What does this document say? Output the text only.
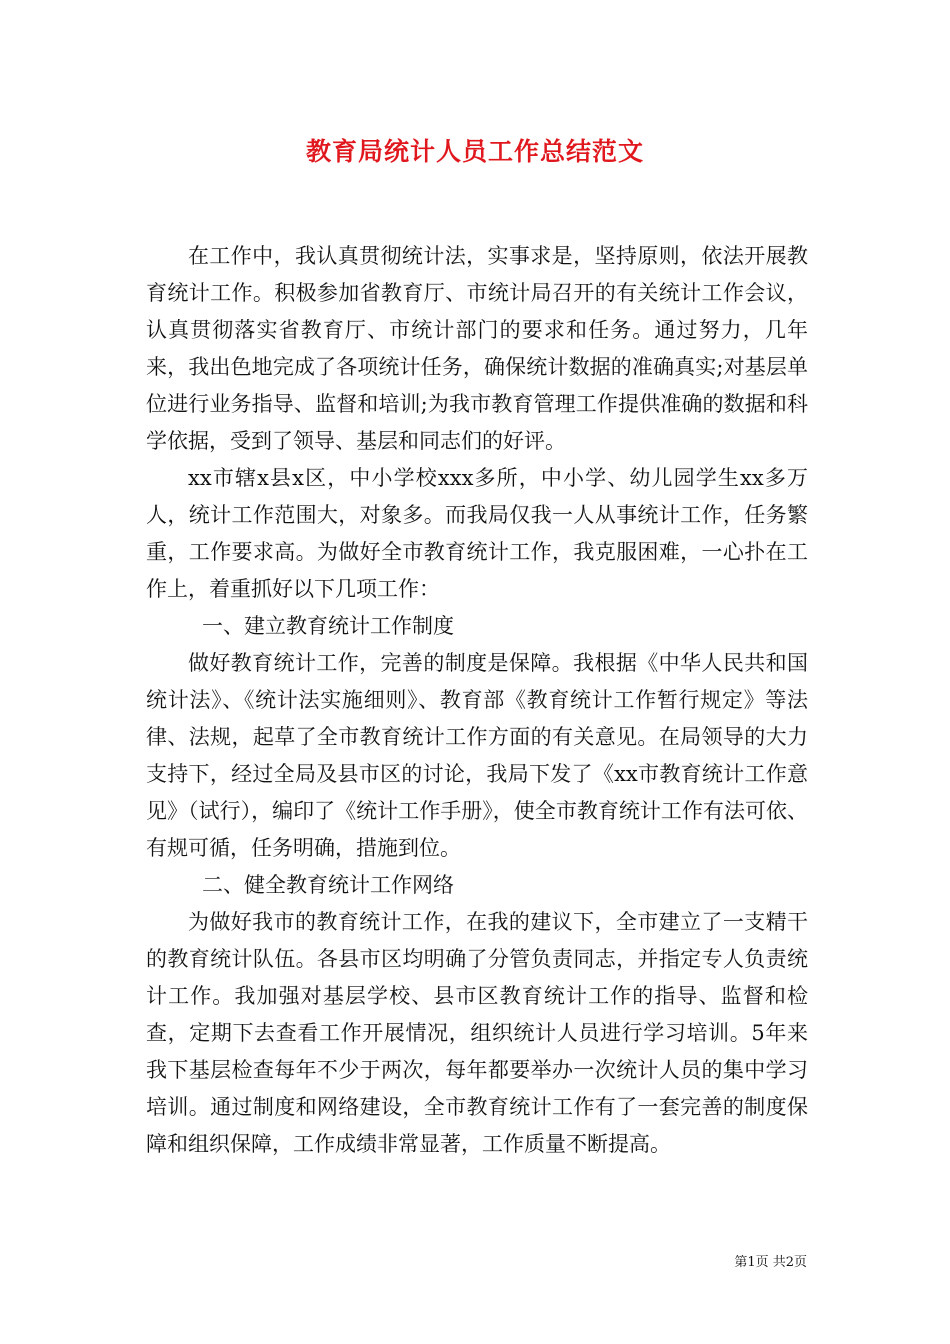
教育局统计人员工作总结范文

在工作中，我认真贯彻统计法，实事求是，坚持原则，依法开展教育统计工作。积极参加省教育厅、市统计局召开的有关统计工作会议，认真贯彻落实省教育厅、市统计部门的要求和任务。通过努力，几年来，我出色地完成了各项统计任务，确保统计数据的准确真实;对基层单位进行业务指导、监督和培训;为我市教育管理工作提供准确的数据和科学依据，受到了领导、基层和同志们的好评。

xx市辖x县x区，中小学校xxx多所，中小学、幼儿园学生xx多万人，统计工作范围大，对象多。而我局仅我一人从事统计工作，任务繁重，工作要求高。为做好全市教育统计工作，我克服困难，一心扑在工作上，着重抓好以下几项工作：

一、建立教育统计工作制度

做好教育统计工作，完善的制度是保障。我根据《中华人民共和国统计法》、《统计法实施细则》、教育部《教育统计工作暂行规定》等法律、法规，起草了全市教育统计工作方面的有关意见。在局领导的大力支持下，经过全局及县市区的讨论，我局下发了《xx市教育统计工作意见》（试行），编印了《统计工作手册》，使全市教育统计工作有法可依、有规可循，任务明确，措施到位。

二、健全教育统计工作网络

为做好我市的教育统计工作，在我的建议下，全市建立了一支精干的教育统计队伍。各县市区均明确了分管负责同志，并指定专人负责统计工作。我加强对基层学校、县市区教育统计工作的指导、监督和检查，定期下去查看工作开展情况，组织统计人员进行学习培训。5年来我下基层检查每年不少于两次，每年都要举办一次统计人员的集中学习培训。通过制度和网络建设，全市教育统计工作有了一套完善的制度保障和组织保障，工作成绩非常显著，工作质量不断提高。

第1页 共2页
